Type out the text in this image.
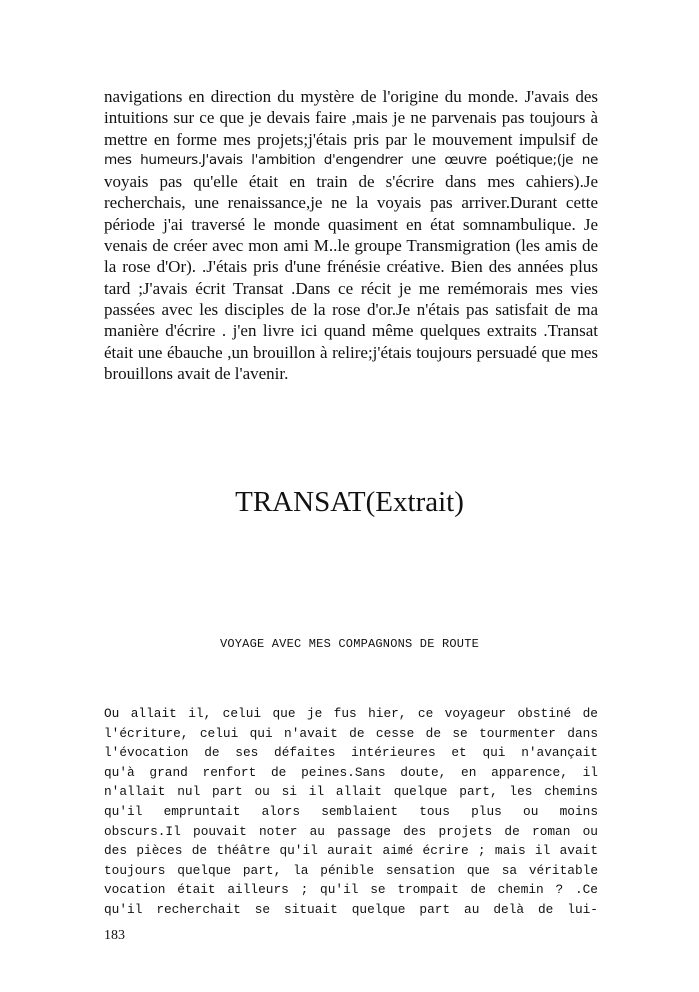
navigations en direction du mystère de l'origine du monde. J'avais des
intuitions sur ce que je devais faire ,mais je ne parvenais pas toujours à
mettre en forme mes projets;j'étais pris par le mouvement impulsif de
mes humeurs.J'avais l'ambition d'engendrer une œuvre poétique;(je ne
voyais pas qu'elle était en train de s'écrire dans mes cahiers).Je
recherchais, une renaissance,je ne la voyais pas arriver.Durant cette
période j'ai traversé le monde quasiment en état somnambulique. Je
venais de créer avec mon ami M..le groupe Transmigration (les amis de
la rose d'Or). .J'étais pris d'une frénésie créative. Bien des années plus
tard ;J'avais écrit Transat .Dans ce récit je me remémorais mes vies
passées avec les disciples de la rose d'or.Je n'étais pas satisfait de ma
manière d'écrire . j'en livre ici quand même quelques extraits .Transat
était une ébauche ,un brouillon à relire;j'étais toujours persuadé que mes
brouillons avait de l'avenir.
TRANSAT(Extrait)
VOYAGE AVEC MES COMPAGNONS DE ROUTE
Ou allait il, celui que je fus hier, ce voyageur obstiné de
l'écriture, celui qui n'avait de cesse de se tourmenter dans
l'évocation de ses défaites intérieures et qui n'avançait
qu'à grand renfort de peines.Sans doute, en apparence, il
n'allait nul part ou si il allait quelque part, les chemins
qu'il empruntait alors semblaient tous plus ou moins
obscurs.Il pouvait noter au passage des projets de roman ou
des pièces de théâtre qu'il aurait aimé écrire ; mais il avait
toujours quelque part, la pénible sensation que sa véritable
vocation était ailleurs ; qu'il se trompait de chemin ? .Ce
qu'il recherchait se situait quelque part au delà de lui-

183
